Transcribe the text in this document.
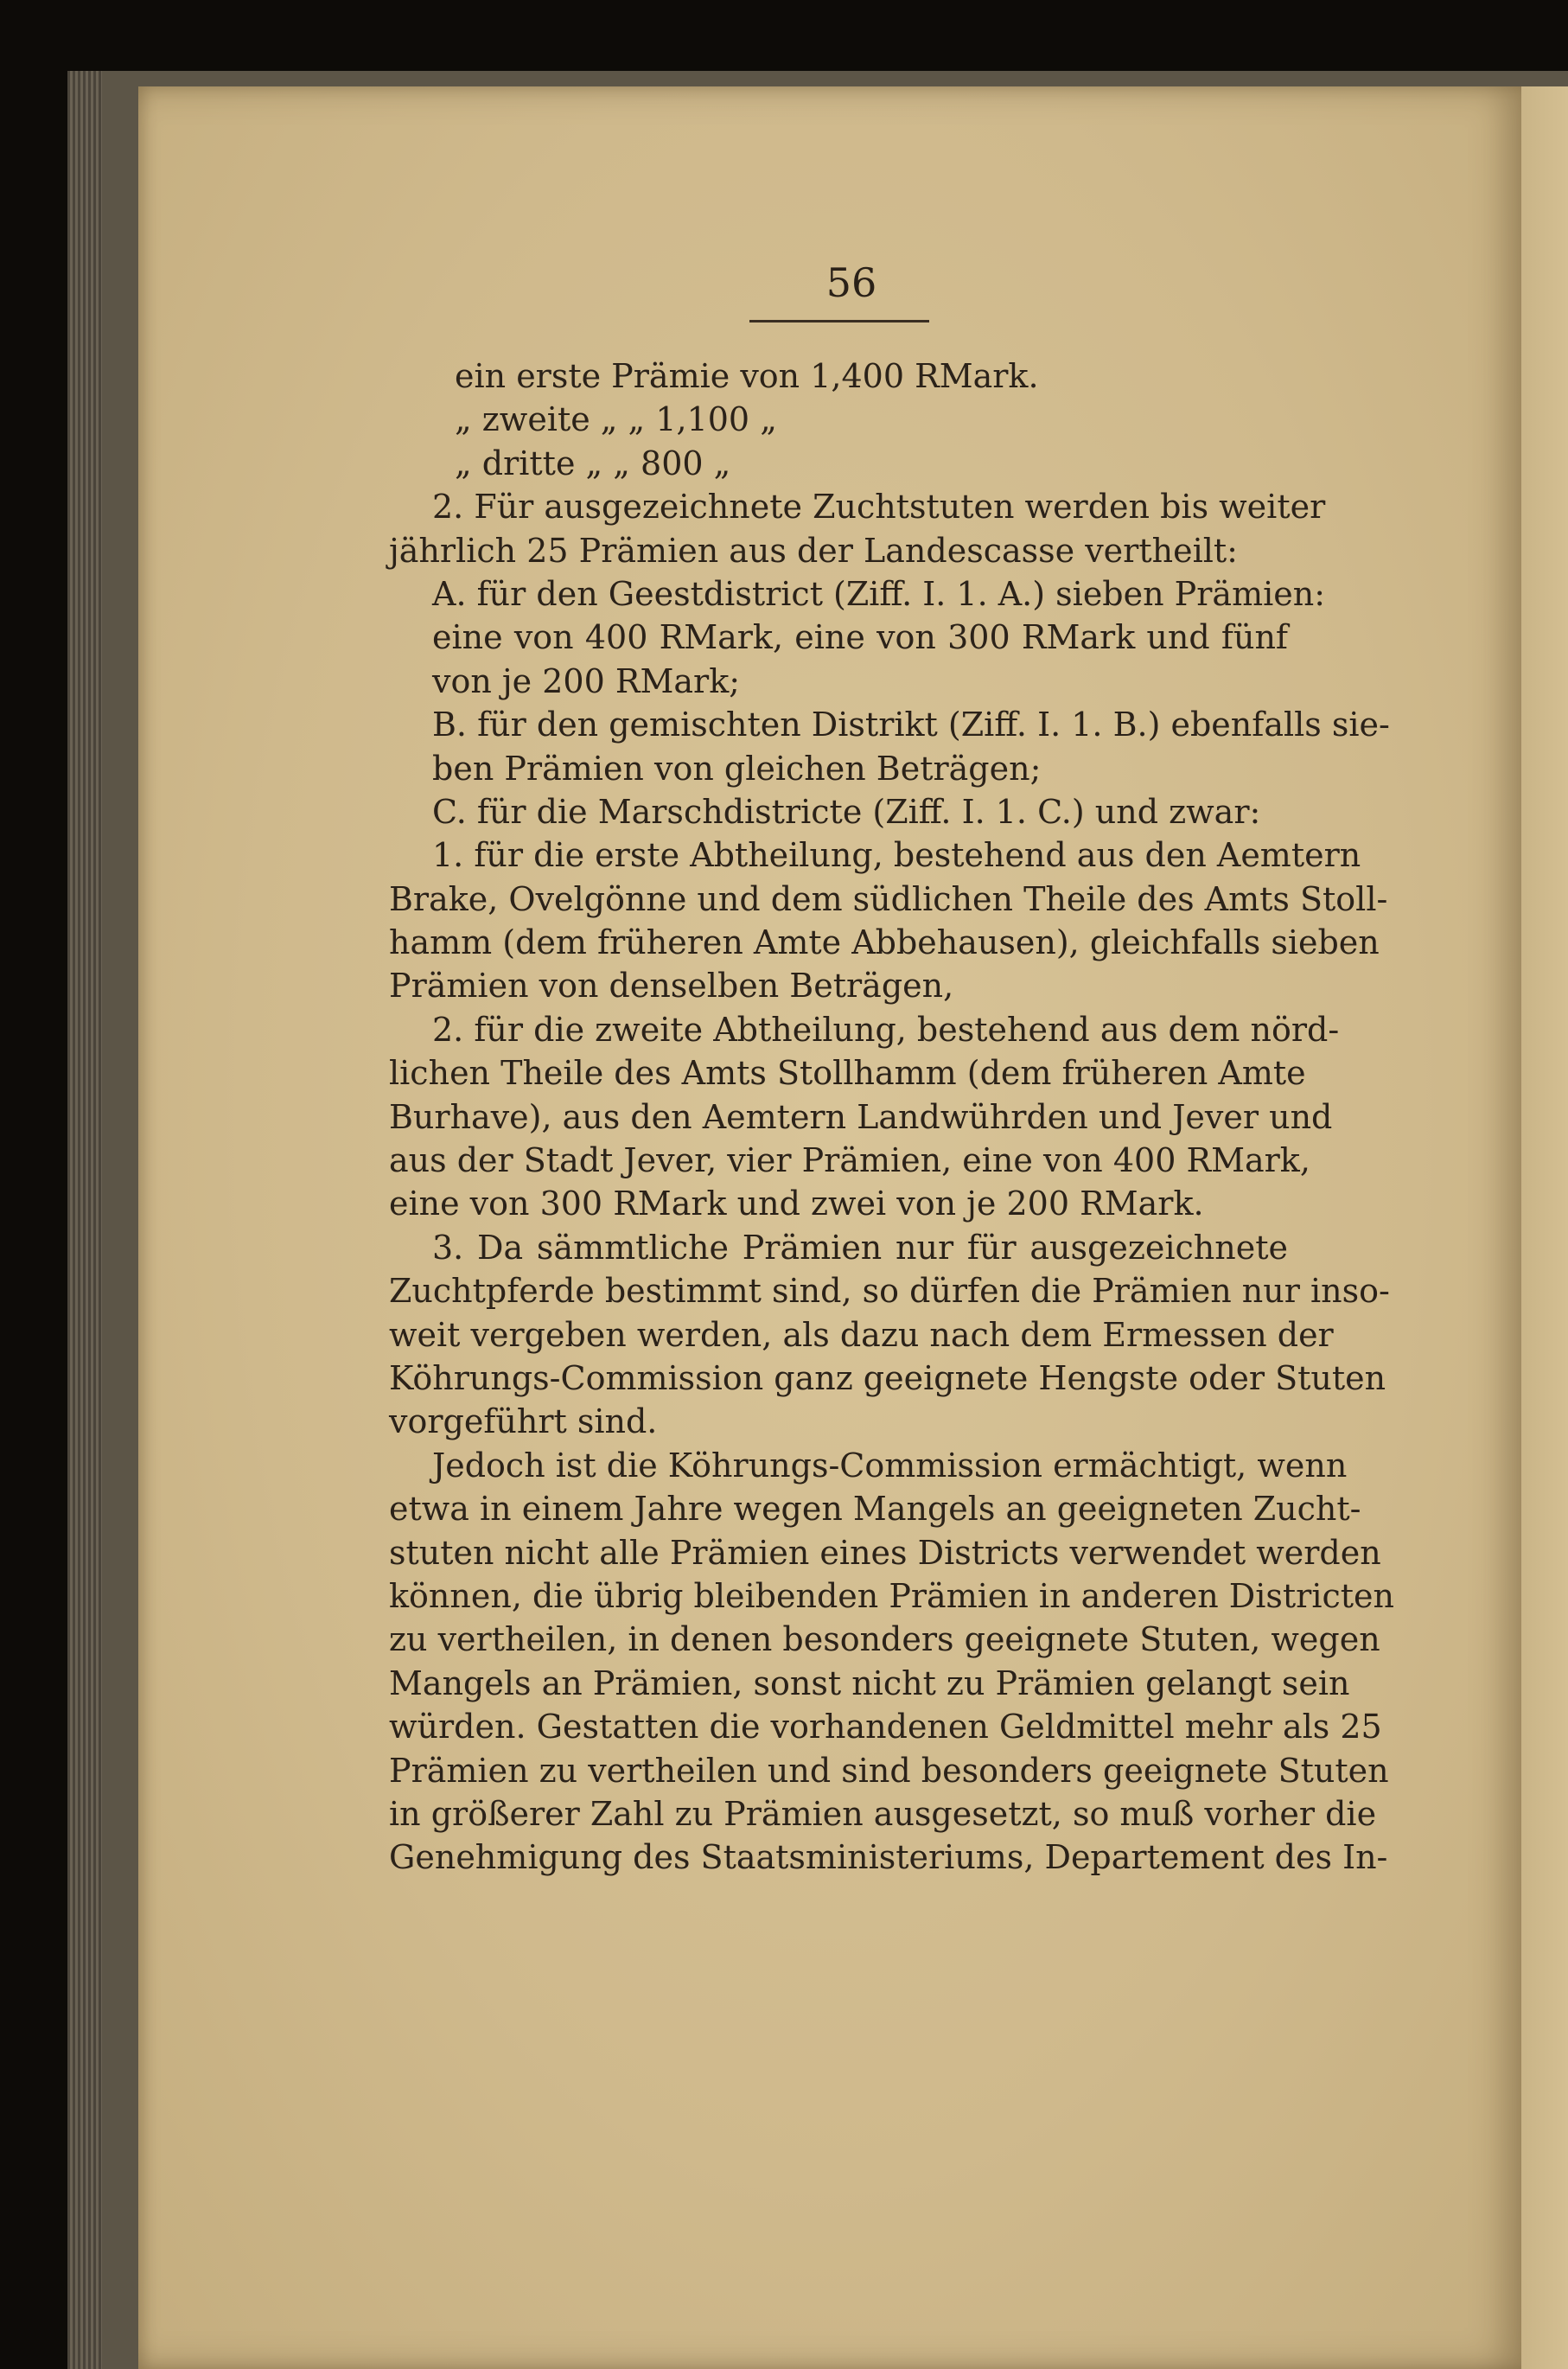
56
ein erste Prämie von 1,400 RMark.
„ zweite „ „ 1,100 „
„ dritte „ „ 800 „
2. Für ausgezeichnete Zuchtstuten werden bis weiter
jährlich 25 Prämien aus der Landescasse vertheilt:
A. für den Geestdistrict (Ziff. I. 1. A.) sieben Prämien:
eine von 400 RMark, eine von 300 RMark und fünf
von je 200 RMark;
B. für den gemischten Distrikt (Ziff. I. 1. B.) ebenfalls sie-
ben Prämien von gleichen Beträgen;
C. für die Marschdistricte (Ziff. I. 1. C.) und zwar:
1. für die erste Abtheilung, bestehend aus den Aemtern
Brake, Ovelgönne und dem südlichen Theile des Amts Stoll-
hamm (dem früheren Amte Abbehausen), gleichfalls sieben
Prämien von denselben Beträgen,
2. für die zweite Abtheilung, bestehend aus dem nörd-
lichen Theile des Amts Stollhamm (dem früheren Amte
Burhave), aus den Aemtern Landwührden und Jever und
aus der Stadt Jever, vier Prämien, eine von 400 RMark,
eine von 300 RMark und zwei von je 200 RMark.
3. Da sämmtliche Prämien nur für ausgezeichnete
Zuchtpferde bestimmt sind, so dürfen die Prämien nur inso-
weit vergeben werden, als dazu nach dem Ermessen der
Köhrungs-Commission ganz geeignete Hengste oder Stuten
vorgeführt sind.
Jedoch ist die Köhrungs-Commission ermächtigt, wenn
etwa in einem Jahre wegen Mangels an geeigneten Zucht-
stuten nicht alle Prämien eines Districts verwendet werden
können, die übrig bleibenden Prämien in anderen Districten
zu vertheilen, in denen besonders geeignete Stuten, wegen
Mangels an Prämien, sonst nicht zu Prämien gelangt sein
würden. Gestatten die vorhandenen Geldmittel mehr als 25
Prämien zu vertheilen und sind besonders geeignete Stuten
in größerer Zahl zu Prämien ausgesetzt, so muß vorher die
Genehmigung des Staatsministeriums, Departement des In-
